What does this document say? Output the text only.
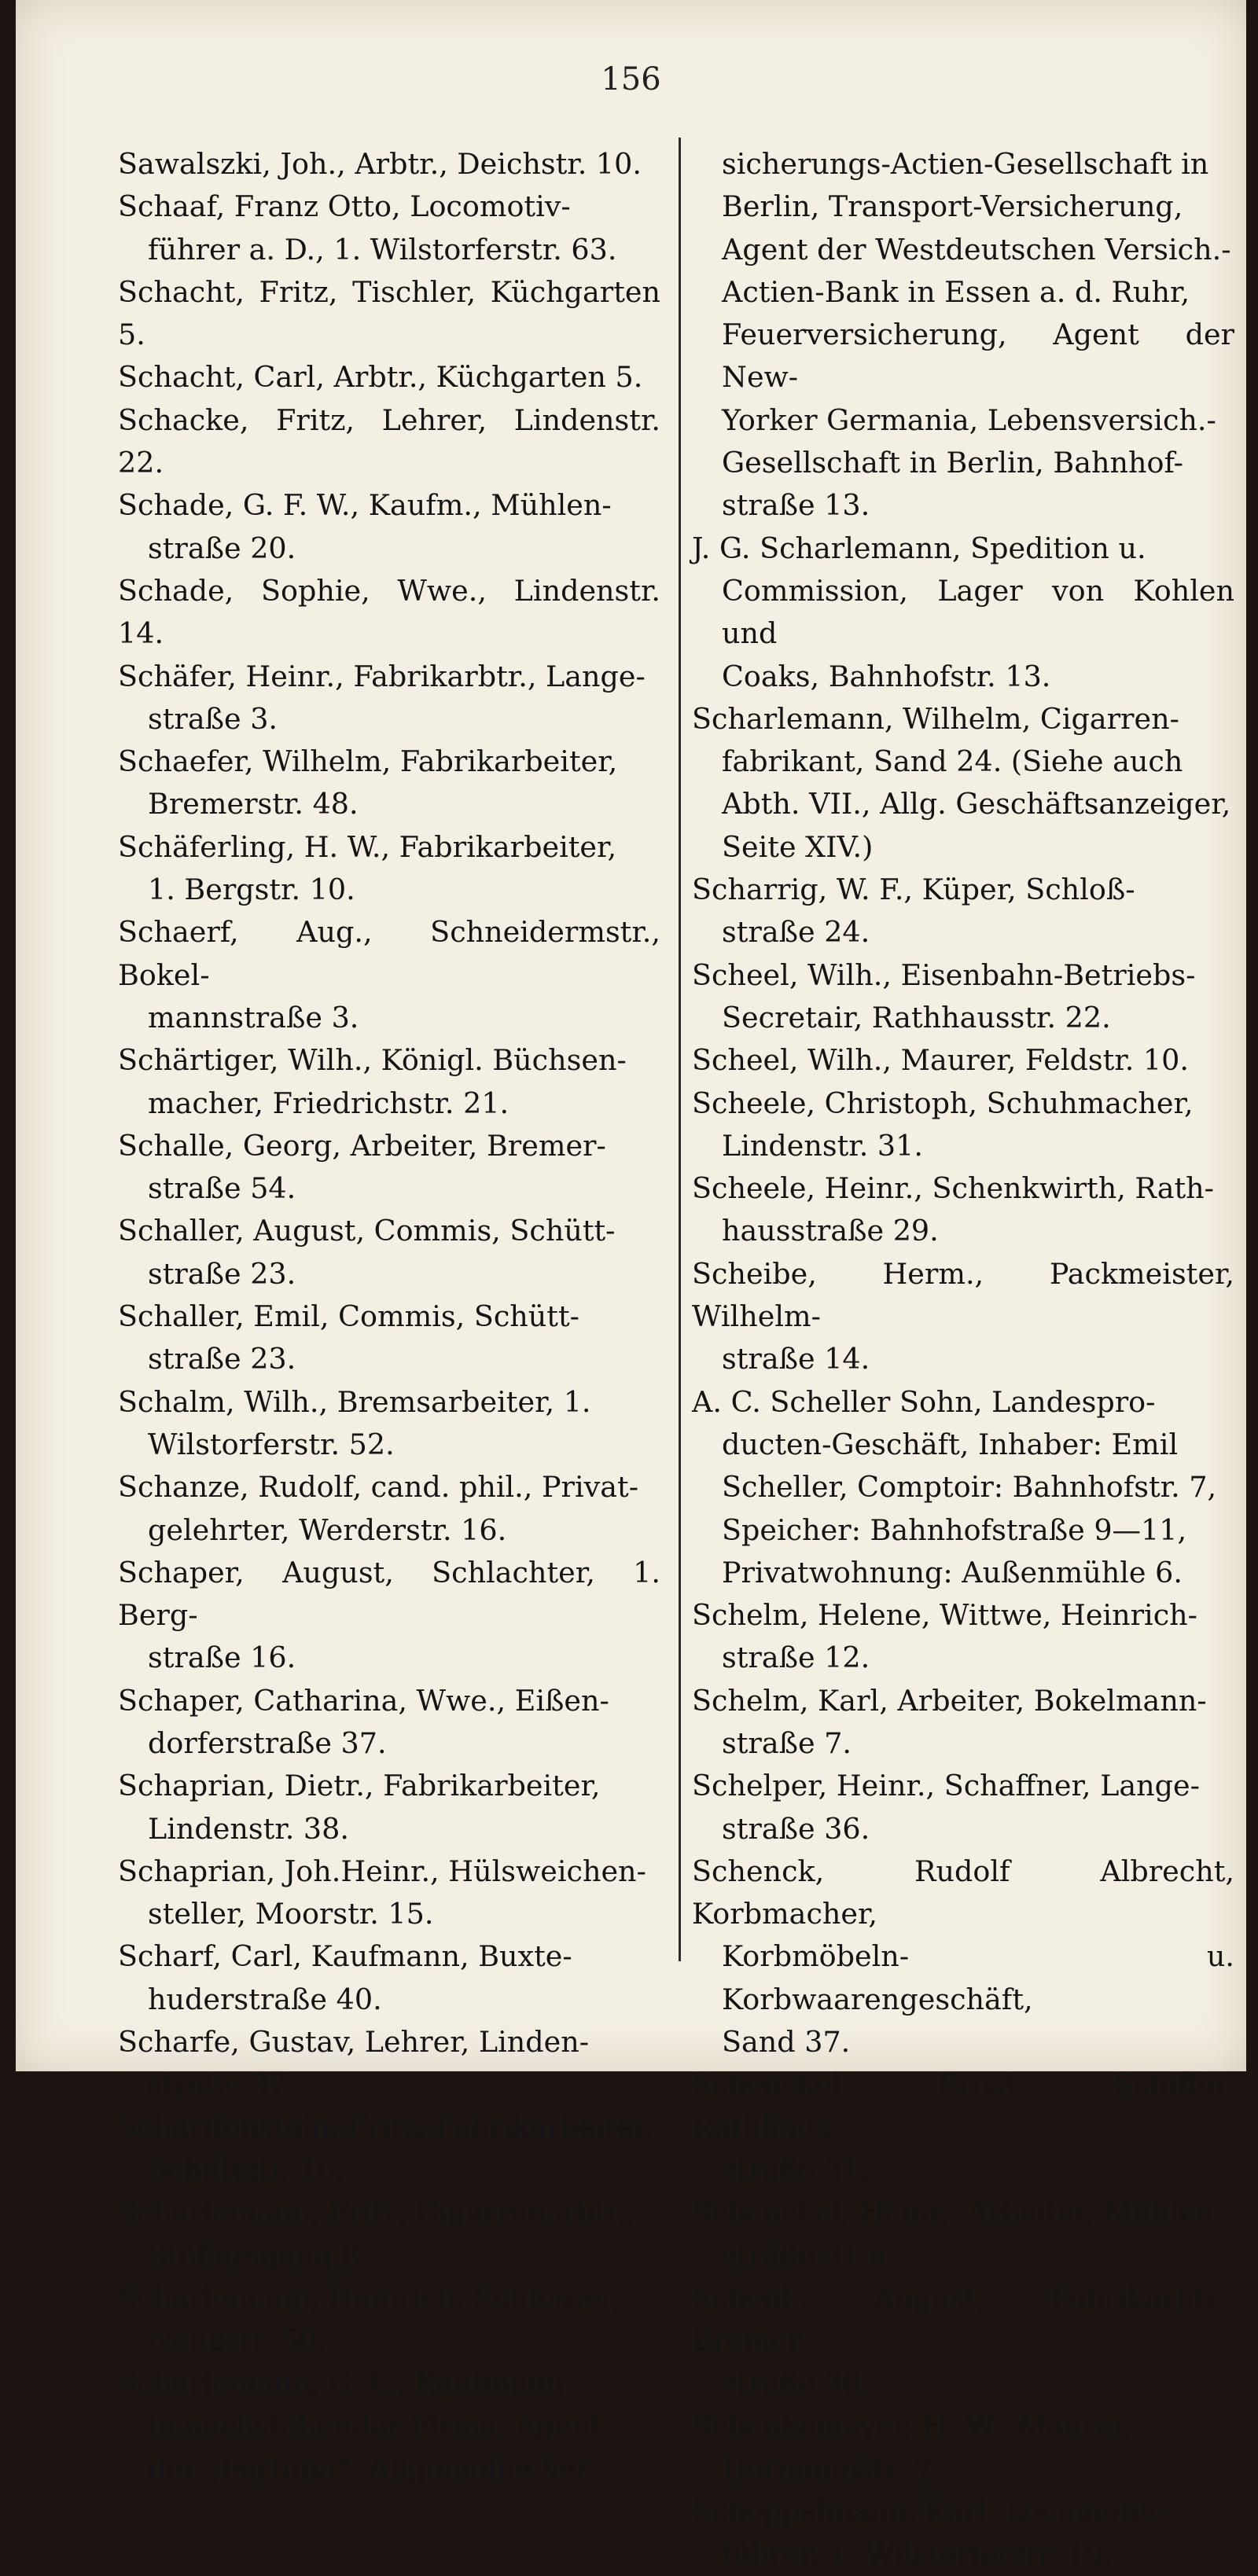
156

Sawalszki, Joh., Arbtr., Deichstr. 10.

Schaaf, Franz Otto, Locomotiv-
führer a. D., 1. Wilstorferstr. 63.

Schacht, Fritz, Tischler, Küchgarten 5.

Schacht, Carl, Arbtr., Küchgarten 5.

Schacke, Fritz, Lehrer, Lindenstr. 22.

Schade, G. F. W., Kaufm., Mühlen-
straße 20.

Schade, Sophie, Wwe., Lindenstr. 14.

Schäfer, Heinr., Fabrikarbtr., Lange-
straße 3.

Schaefer, Wilhelm, Fabrikarbeiter,
Bremerstr. 48.

Schäferling, H. W., Fabrikarbeiter,
1. Bergstr. 10.

Schaerf, Aug., Schneidermstr., Bokel-
mannstraße 3.

Schärtiger, Wilh., Königl. Büchsen-
macher, Friedrichstr. 21.

Schalle, Georg, Arbeiter, Bremer-
straße 54.

Schaller, August, Commis, Schütt-
straße 23.

Schaller, Emil, Commis, Schütt-
straße 23.

Schalm, Wilh., Bremsarbeiter, 1.
Wilstorferstr. 52.

Schanze, Rudolf, cand. phil., Privat-
gelehrter, Werderstr. 16.

Schaper, August, Schlachter, 1. Berg-
straße 16.

Schaper, Catharina, Wwe., Eißen-
dorferstraße 37.

Schaprian, Dietr., Fabrikarbeiter,
Lindenstr. 38.

Schaprian, Joh.Heinr., Hülsweichen-
steller, Moorstr. 15.

Scharf, Carl, Kaufmann, Buxte-
huderstraße 40.

Scharfe, Gustav, Lehrer, Linden-
straße 37.

Scharffenstein, Fritz, Fabrikarbeiter,
Schüttstr. 16.

Scharlemann, Fritz, Cigarrenarbtr.,
Stöbersgang 8.

Scharlemann, Heinrich, Schlosser,
Neuestr. 50.

Scharlemann, G. L., Kaufmann
in nachstehender Firma, Agent
der „Fortuna“, Allgemeine Ver-

sicherungs-Actien-Gesellschaft in
Berlin, Transport-Versicherung,
Agent der Westdeutschen Versich.-
Actien-Bank in Essen a. d. Ruhr,
Feuerversicherung, Agent der New-
Yorker Germania, Lebensversich.-
Gesellschaft in Berlin, Bahnhof-
straße 13.

J. G. Scharlemann, Spedition u.
Commission, Lager von Kohlen und
Coaks, Bahnhofstr. 13.

Scharlemann, Wilhelm, Cigarren-
fabrikant, Sand 24. (Siehe auch
Abth. VII., Allg. Geschäftsanzeiger,
Seite XIV.)

Scharrig, W. F., Küper, Schloß-
straße 24.

Scheel, Wilh., Eisenbahn-Betriebs-
Secretair, Rathhausstr. 22.

Scheel, Wilh., Maurer, Feldstr. 10.

Scheele, Christoph, Schuhmacher,
Lindenstr. 31.

Scheele, Heinr., Schenkwirth, Rath-
hausstraße 29.

Scheibe, Herm., Packmeister, Wilhelm-
straße 14.

A. C. Scheller Sohn, Landespro-
ducten-Geschäft, Inhaber: Emil
Scheller, Comptoir: Bahnhofstr. 7,
Speicher: Bahnhofstraße 9—11,
Privatwohnung: Außenmühle 6.

Schelm, Helene, Wittwe, Heinrich-
straße 12.

Schelm, Karl, Arbeiter, Bokelmann-
straße 7.

Schelper, Heinr., Schaffner, Lange-
straße 36.

Schenck, Rudolf Albrecht, Korbmacher,
Korbmöbeln- u. Korbwaarengeschäft,
Sand 37.

Schenckel, Ernst, Schiffer, Rathhaus-
straße 31.

Schenckel, Heinr., Arbeiter, Mühlen-
straße 31 a.

Schenk, August, Fabrikarbtr., Bremer-
straße 36.

Schenkemeyer, H. W., Maurer,
Hermannstr. 7.

Scheppelmann, Karl, Locomotiv-
führer, 1. Wilstorferstr. 19.
